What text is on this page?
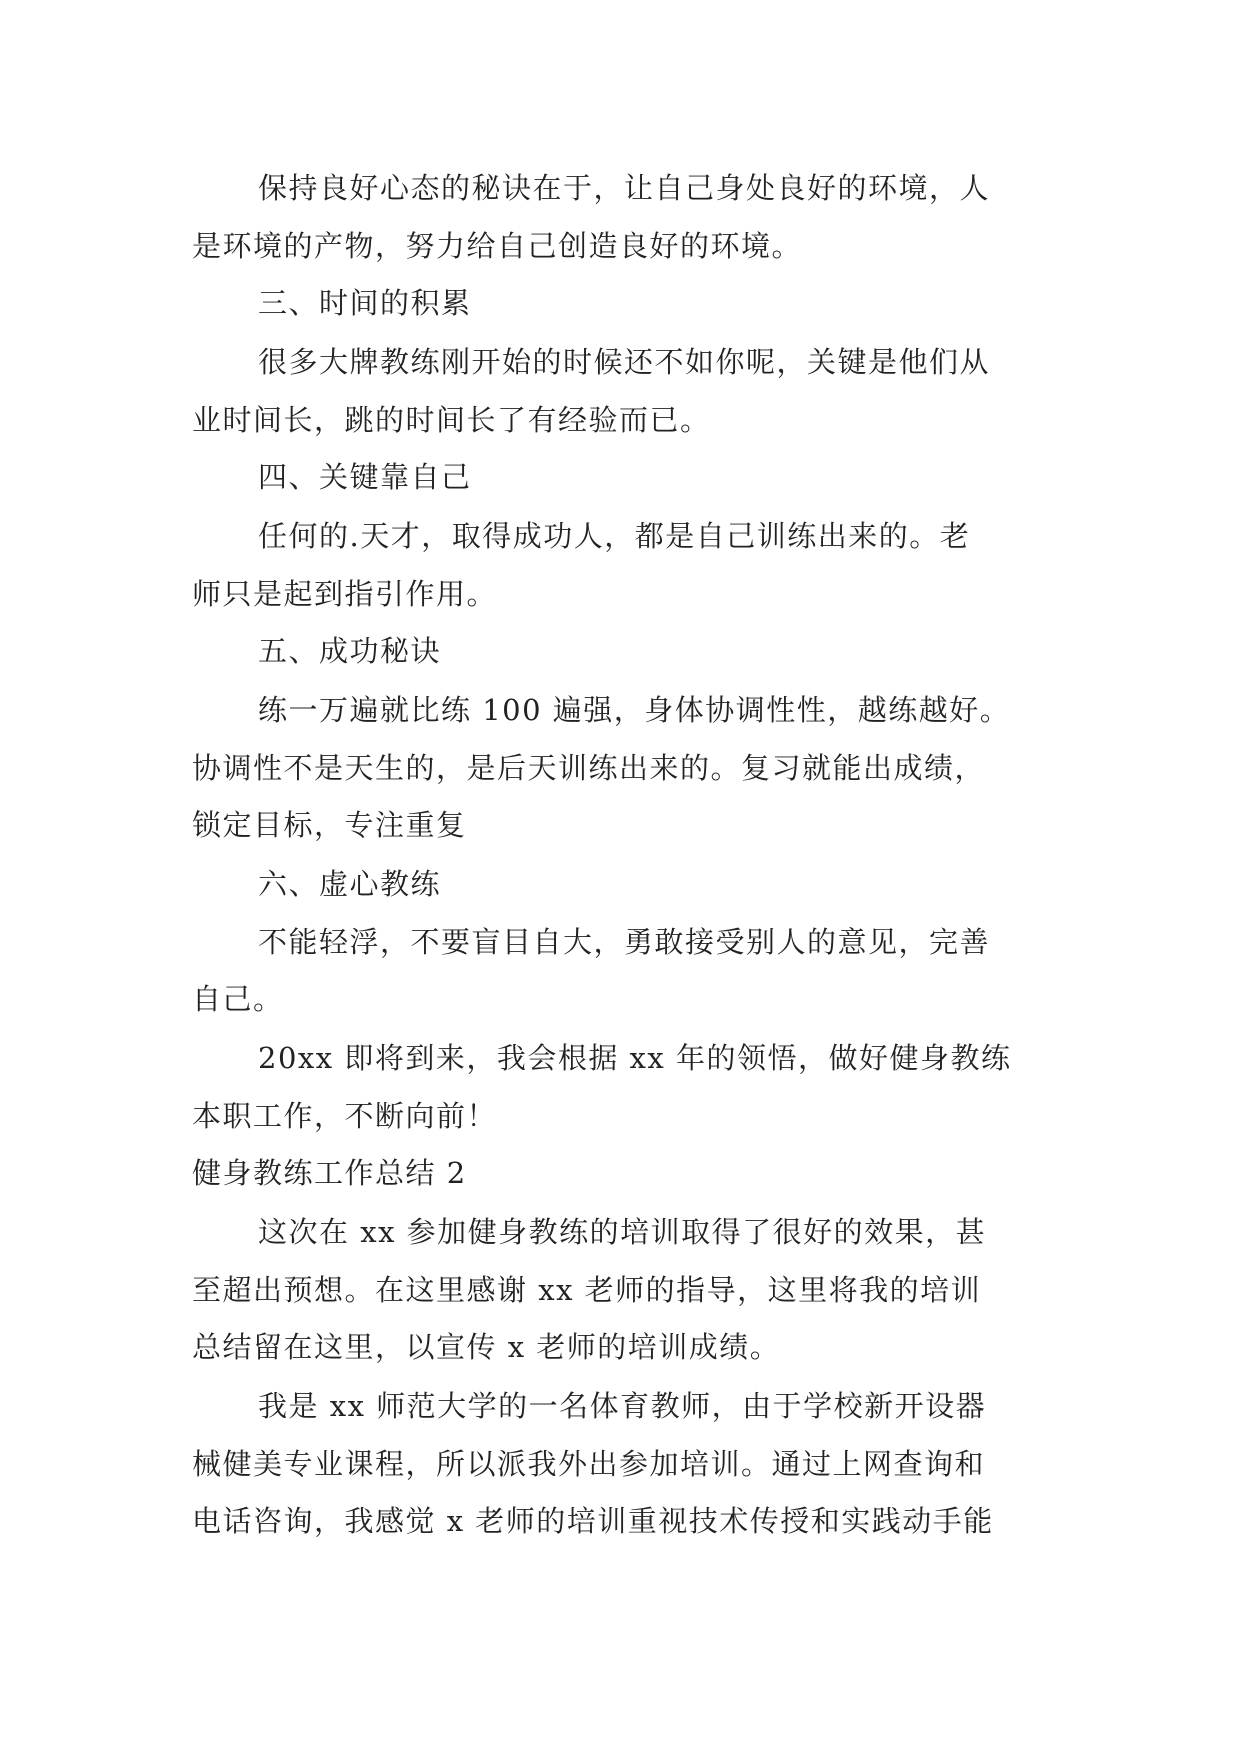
保持良好心态的秘诀在于，让自己身处良好的环境，人
是环境的产物，努力给自己创造良好的环境。
三、时间的积累
很多大牌教练刚开始的时候还不如你呢，关键是他们从
业时间长，跳的时间长了有经验而已。
四、关键靠自己
任何的.天才，取得成功人，都是自己训练出来的。老
师只是起到指引作用。
五、成功秘诀
练一万遍就比练 100 遍强，身体协调性性，越练越好。
协调性不是天生的，是后天训练出来的。复习就能出成绩，
锁定目标，专注重复
六、虚心教练
不能轻浮，不要盲目自大，勇敢接受别人的意见，完善
自己。
20xx 即将到来，我会根据 xx 年的领悟，做好健身教练
本职工作，不断向前！
健身教练工作总结 2
这次在 xx 参加健身教练的培训取得了很好的效果，甚
至超出预想。在这里感谢 xx 老师的指导，这里将我的培训
总结留在这里，以宣传 x 老师的培训成绩。
我是 xx 师范大学的一名体育教师，由于学校新开设器
械健美专业课程，所以派我外出参加培训。通过上网查询和
电话咨询，我感觉 x 老师的培训重视技术传授和实践动手能
